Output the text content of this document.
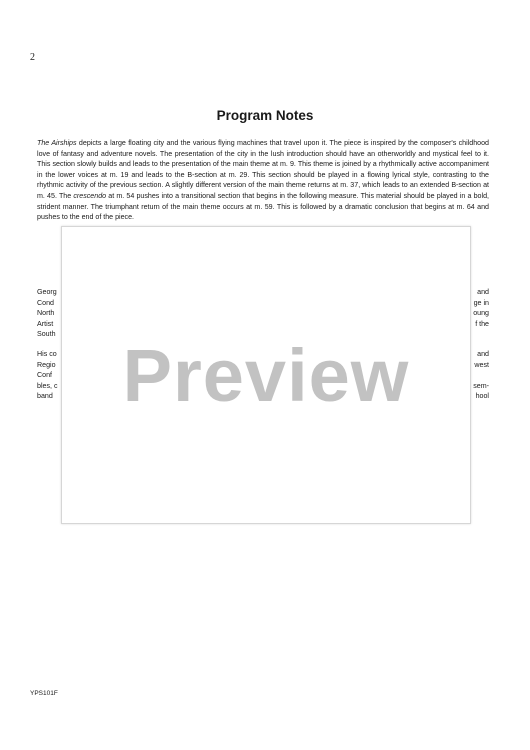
2
Program Notes

The Airships depicts a large floating city and the various flying machines that travel upon it. The piece is inspired by the composer's childhood love of fantasy and adventure novels. The presentation of the city in the lush introduction should have an otherworldly and mystical feel to it. This section slowly builds and leads to the presentation of the main theme at m. 9. This theme is joined by a rhythmically active accompaniment in the lower voices at m. 19 and leads to the B-section at m. 29. This section should be played in a flowing lyrical style, contrasting to the rhythmic activity of the previous section. A slightly different version of the main theme returns at m. 37, which leads to an extended B-section at m. 45. The crescendo at m. 54 pushes into a transitional section that begins in the following measure. This material should be played in a bold, strident manner. The triumphant return of the main theme occurs at m. 59. This is followed by a dramatic conclusion that begins at m. 64 and pushes to the end of the piece.

Georg
Cond
North
Artist
South
and
ge in
oung
f the
His co
Regio
Conf
bles, c
band
and
west
sem-
hool
Preview
YPS101F
